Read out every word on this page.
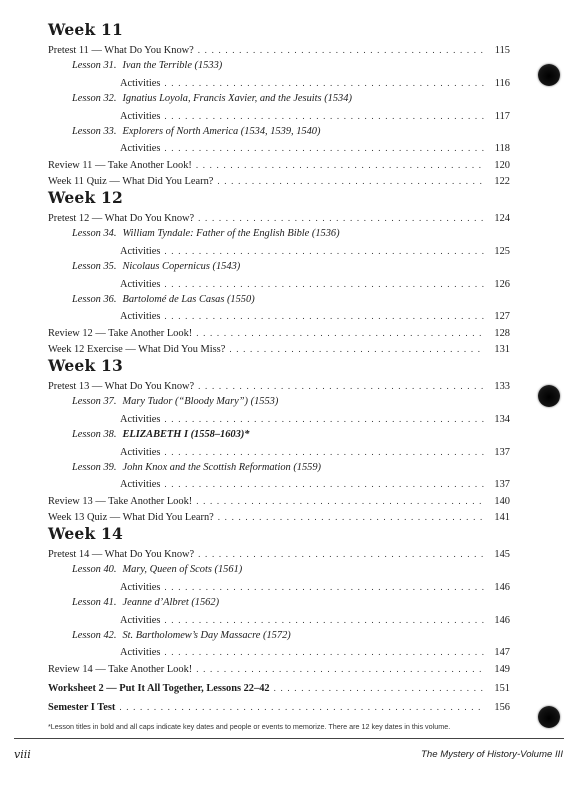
Week 11
Pretest 11 — What Do You Know? . . .	115
Lesson 31. Ivan the Terrible (1533)
Activities . . .	116
Lesson 32. Ignatius Loyola, Francis Xavier, and the Jesuits (1534)
Activities . . .	117
Lesson 33. Explorers of North America (1534, 1539, 1540)
Activities . . .	118
Review 11 — Take Another Look! . . .	120
Week 11 Quiz — What Did You Learn? . . .	122
Week 12
Pretest 12 — What Do You Know? . . .	124
Lesson 34. William Tyndale: Father of the English Bible (1536)
Activities . . .	125
Lesson 35. Nicolaus Copernicus (1543)
Activities . . .	126
Lesson 36. Bartolomé de Las Casas (1550)
Activities . . .	127
Review 12 — Take Another Look! . . .	128
Week 12 Exercise — What Did You Miss? . . .	131
Week 13
Pretest 13 — What Do You Know? . . .	133
Lesson 37. Mary Tudor (“Bloody Mary”) (1553)
Activities . . .	134
Lesson 38. ELIZABETH I (1558–1603)*
Activities . . .	137
Lesson 39. John Knox and the Scottish Reformation (1559)
Activities . . .	137
Review 13 — Take Another Look! . . .	140
Week 13 Quiz — What Did You Learn? . . .	141
Week 14
Pretest 14 — What Do You Know? . . .	145
Lesson 40. Mary, Queen of Scots (1561)
Activities . . .	146
Lesson 41. Jeanne d’Albret (1562)
Activities . . .	146
Lesson 42. St. Bartholomew’s Day Massacre (1572)
Activities . . .	147
Review 14 — Take Another Look! . . .	149
Worksheet 2 — Put It All Together, Lessons 22–42 . . .	151
Semester I Test . . .	156
*Lesson titles in bold and all caps indicate key dates and people or events to memorize. There are 12 key dates in this volume.
viii	The Mystery of History-Volume III
